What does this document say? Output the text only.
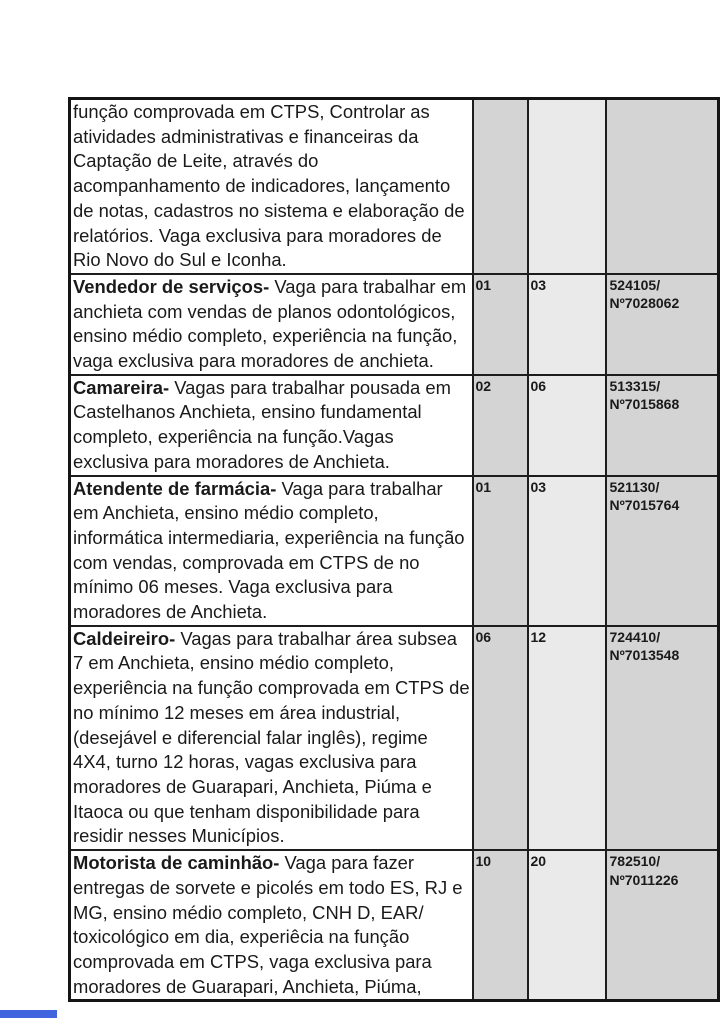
função comprovada em CTPS, Controlar as atividades administrativas e financeiras da Captação de Leite, através do acompanhamento de indicadores, lançamento de notas, cadastros no sistema e elaboração de relatórios. Vaga exclusiva para moradores de Rio Novo do Sul e Iconha.			

Vendedor de serviços- Vaga para trabalhar em anchieta com vendas de planos odontológicos, ensino médio completo, experiência na função, vaga exclusiva para moradores de anchieta.	01	03	524105/
Nº7028062

Camareira- Vagas para trabalhar pousada em Castelhanos Anchieta, ensino fundamental completo, experiência na função.Vagas exclusiva para moradores de Anchieta.	02	06	513315/
Nº7015868

Atendente de farmácia- Vaga para trabalhar em Anchieta, ensino médio completo, informática intermediaria, experiência na função com vendas, comprovada em CTPS de no mínimo 06 meses. Vaga exclusiva para moradores de Anchieta.	01	03	521130/
Nº7015764

Caldeireiro- Vagas para trabalhar área subsea 7 em Anchieta, ensino médio completo, experiência na função comprovada em CTPS de no mínimo 12 meses em área industrial, (desejável e diferencial falar inglês), regime 4X4, turno 12 horas, vagas exclusiva para moradores de Guarapari, Anchieta, Piúma e Itaoca ou que tenham disponibilidade para residir nesses Municípios.	06	12	724410/
Nº7013548

Motorista de caminhão- Vaga para fazer entregas de sorvete e picolés em todo ES, RJ e MG, ensino médio completo, CNH D, EAR/ toxicológico em dia, experiêcia na função comprovada em CTPS, vaga exclusiva para moradores de Guarapari, Anchieta, Piúma,	10	20	782510/
Nº7011226
